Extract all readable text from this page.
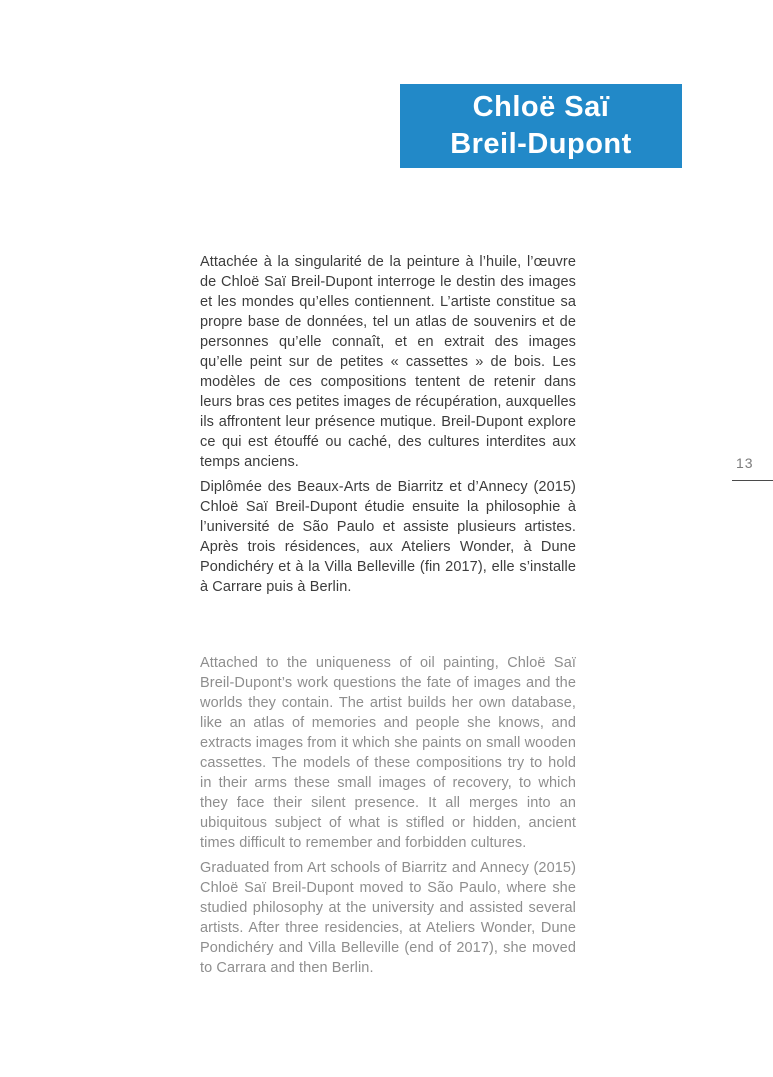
Chloë Saï
Breil-Dupont

Attachée à la singularité de la peinture à l’huile, l’œuvre de Chloë Saï Breil-Dupont interroge le destin des images et les mondes qu’elles contiennent. L’artiste constitue sa propre base de données, tel un atlas de souvenirs et de personnes qu’elle connaît, et en extrait des images qu’elle peint sur de petites « cassettes » de bois. Les modèles de ces compositions tentent de retenir dans leurs bras ces petites images de récupération, auxquelles ils affrontent leur présence mutique. Breil-Dupont explore ce qui est étouffé ou caché, des cultures interdites aux temps anciens.

Diplômée des Beaux-Arts de Biarritz et d’Annecy (2015) Chloë Saï Breil-Dupont étudie ensuite la philosophie à l’université de São Paulo et assiste plusieurs artistes. Après trois résidences, aux Ateliers Wonder, à Dune Pondichéry et à la Villa Belleville (fin 2017), elle s’installe à Carrare puis à Berlin.

Attached to the uniqueness of oil painting, Chloë Saï Breil-Dupont’s work questions the fate of images and the worlds they contain. The artist builds her own database, like an atlas of memories and people she knows, and extracts images from it which she paints on small wooden cassettes. The models of these compositions try to hold in their arms these small images of recovery, to which they face their silent presence. It all merges into an ubiquitous subject of what is stifled or hidden, ancient times difficult to remember and forbidden cultures.

Graduated from Art schools of Biarritz and Annecy (2015) Chloë Saï Breil-Dupont moved to São Paulo, where she studied philosophy at the university and assisted several artists. After three residencies, at Ateliers Wonder, Dune Pondichéry and Villa Belleville (end of 2017), she moved to Carrara and then Berlin.

13
